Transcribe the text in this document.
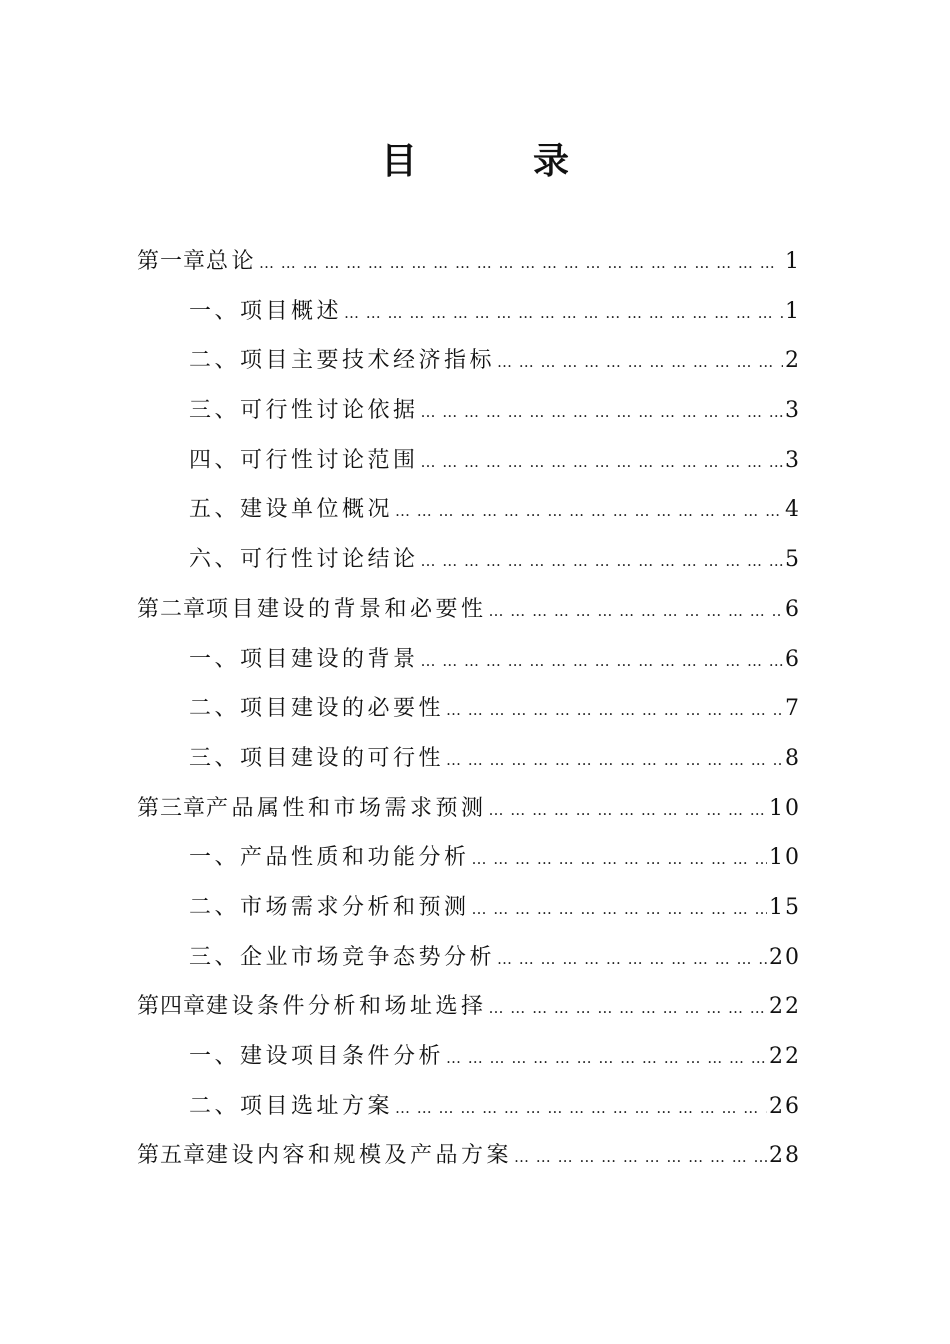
目　录
第一章 总论 … … … … … … … … … … … … … … … … … … … … … … … … … … … … … … … … … … … … … … … …	1
一、项目概述 … … … … … … … … … … … … … … … … … … … … … … … … … … … … … … … … … … … … … … … …	1
二、项目主要技术经济指标 … … … … … … … … … … … … … … … … … … … … … … … … … … … … … … … … … … … … … … … …	2
三、可行性讨论依据 … … … … … … … … … … … … … … … … … … … … … … … … … … … … … … … … … … … … … … … …	3
四、可行性讨论范围 … … … … … … … … … … … … … … … … … … … … … … … … … … … … … … … … … … … … … … … …	3
五、建设单位概况 … … … … … … … … … … … … … … … … … … … … … … … … … … … … … … … … … … … … … … … …	4
六、可行性讨论结论 … … … … … … … … … … … … … … … … … … … … … … … … … … … … … … … … … … … … … … … …	5
第二章 项目建设的背景和必要性 … … … … … … … … … … … … … … … … … … … … … … … … … … … … … … … … … … … … … … … …	6
一、项目建设的背景 … … … … … … … … … … … … … … … … … … … … … … … … … … … … … … … … … … … … … … … …	6
二、项目建设的必要性 … … … … … … … … … … … … … … … … … … … … … … … … … … … … … … … … … … … … … … … …	7
三、项目建设的可行性 … … … … … … … … … … … … … … … … … … … … … … … … … … … … … … … … … … … … … … … …	8
第三章 产品属性和市场需求预测 … … … … … … … … … … … … … … … … … … … … … … … … … … … … … … … … … … … … … … … …	10
一、产品性质和功能分析 … … … … … … … … … … … … … … … … … … … … … … … … … … … … … … … … … … … … … … … …	10
二、市场需求分析和预测 … … … … … … … … … … … … … … … … … … … … … … … … … … … … … … … … … … … … … … … …	15
三、企业市场竞争态势分析 … … … … … … … … … … … … … … … … … … … … … … … … … … … … … … … … … … … … … … … …	20
第四章 建设条件分析和场址选择 … … … … … … … … … … … … … … … … … … … … … … … … … … … … … … … … … … … … … … … …	22
一、建设项目条件分析 … … … … … … … … … … … … … … … … … … … … … … … … … … … … … … … … … … … … … … … …	22
二、项目选址方案 … … … … … … … … … … … … … … … … … … … … … … … … … … … … … … … … … … … … … … … …	26
第五章 建设内容和规模及产品方案 … … … … … … … … … … … … … … … … … … … … … … … … … … … … … … … … … … … … … … … …	28
